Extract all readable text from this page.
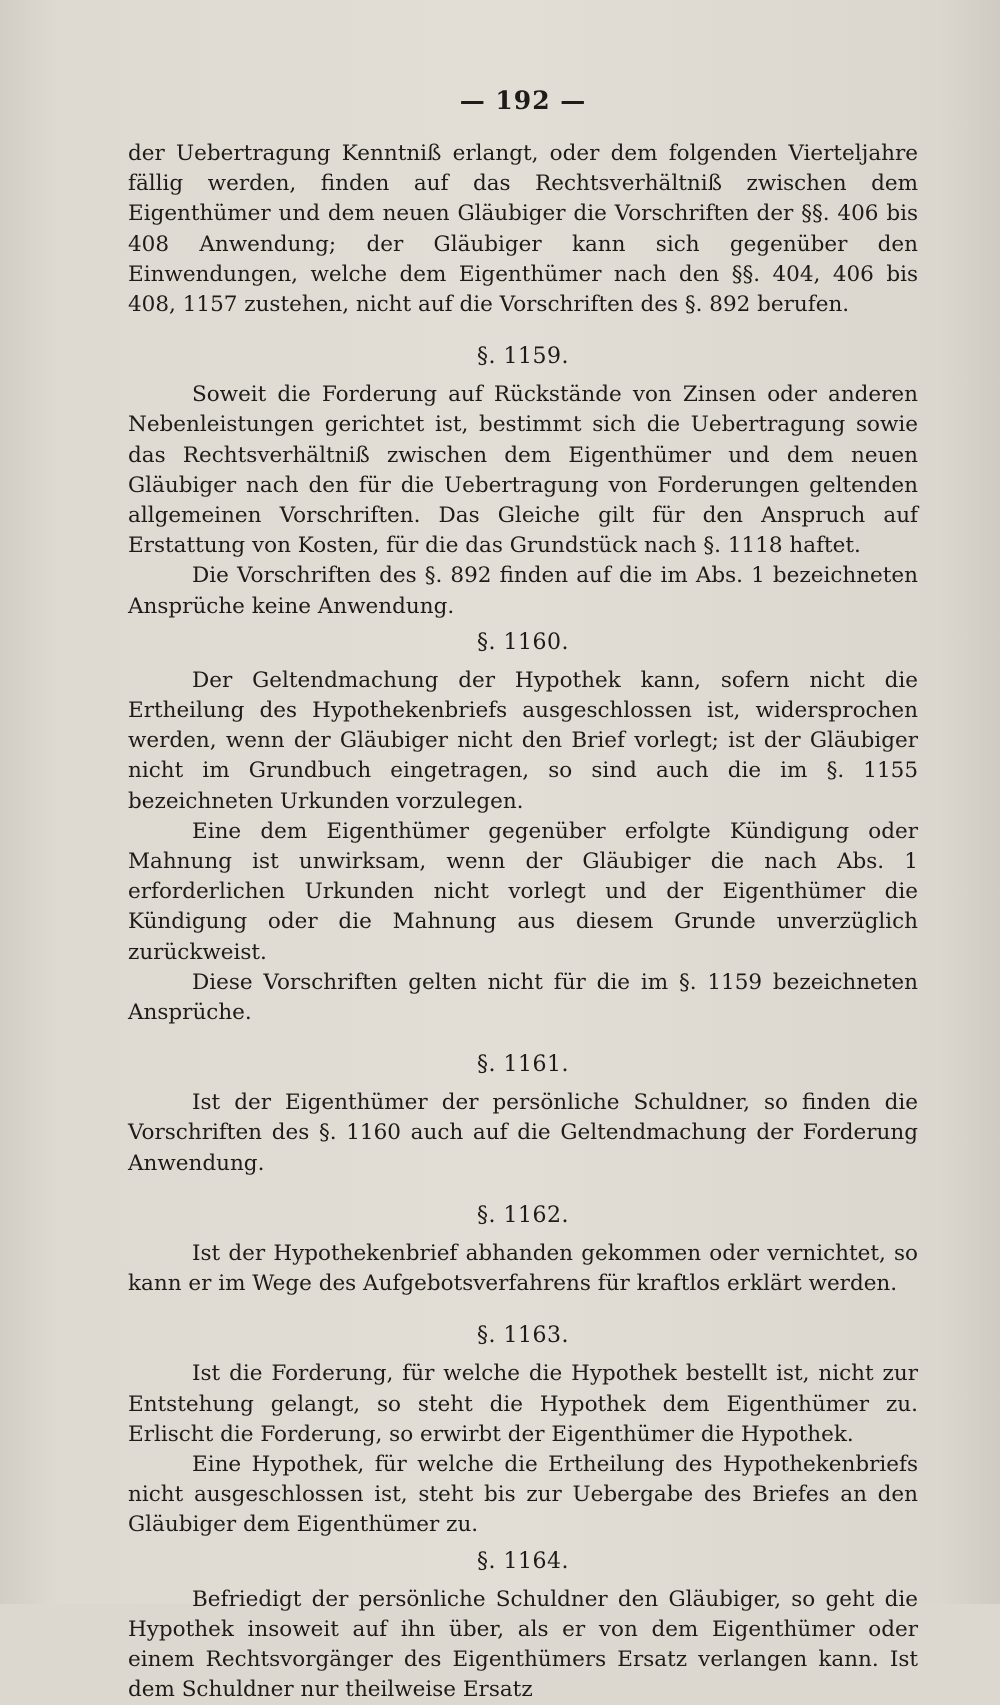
— 192 —

der Uebertragung Kenntniß erlangt, oder dem folgenden Vierteljahre fällig werden, finden auf das Rechtsverhältniß zwischen dem Eigenthümer und dem neuen Gläubiger die Vorschriften der §§. 406 bis 408 Anwendung; der Gläubiger kann sich gegenüber den Einwendungen, welche dem Eigenthümer nach den §§. 404, 406 bis 408, 1157 zustehen, nicht auf die Vorschriften des §. 892 berufen.

§. 1159.

Soweit die Forderung auf Rückstände von Zinsen oder anderen Nebenleistungen gerichtet ist, bestimmt sich die Uebertragung sowie das Rechtsverhältniß zwischen dem Eigenthümer und dem neuen Gläubiger nach den für die Uebertragung von Forderungen geltenden allgemeinen Vorschriften. Das Gleiche gilt für den Anspruch auf Erstattung von Kosten, für die das Grundstück nach §. 1118 haftet.

Die Vorschriften des §. 892 finden auf die im Abs. 1 bezeichneten Ansprüche keine Anwendung.

§. 1160.

Der Geltendmachung der Hypothek kann, sofern nicht die Ertheilung des Hypothekenbriefs ausgeschlossen ist, widersprochen werden, wenn der Gläubiger nicht den Brief vorlegt; ist der Gläubiger nicht im Grundbuch eingetragen, so sind auch die im §. 1155 bezeichneten Urkunden vorzulegen.

Eine dem Eigenthümer gegenüber erfolgte Kündigung oder Mahnung ist unwirksam, wenn der Gläubiger die nach Abs. 1 erforderlichen Urkunden nicht vorlegt und der Eigenthümer die Kündigung oder die Mahnung aus diesem Grunde unverzüglich zurückweist.

Diese Vorschriften gelten nicht für die im §. 1159 bezeichneten Ansprüche.

§. 1161.

Ist der Eigenthümer der persönliche Schuldner, so finden die Vorschriften des §. 1160 auch auf die Geltendmachung der Forderung Anwendung.

§. 1162.

Ist der Hypothekenbrief abhanden gekommen oder vernichtet, so kann er im Wege des Aufgebotsverfahrens für kraftlos erklärt werden.

§. 1163.

Ist die Forderung, für welche die Hypothek bestellt ist, nicht zur Entstehung gelangt, so steht die Hypothek dem Eigenthümer zu. Erlischt die Forderung, so erwirbt der Eigenthümer die Hypothek.

Eine Hypothek, für welche die Ertheilung des Hypothekenbriefs nicht ausgeschlossen ist, steht bis zur Uebergabe des Briefes an den Gläubiger dem Eigenthümer zu.

§. 1164.

Befriedigt der persönliche Schuldner den Gläubiger, so geht die Hypothek insoweit auf ihn über, als er von dem Eigenthümer oder einem Rechtsvorgänger des Eigenthümers Ersatz verlangen kann. Ist dem Schuldner nur theilweise Ersatz
